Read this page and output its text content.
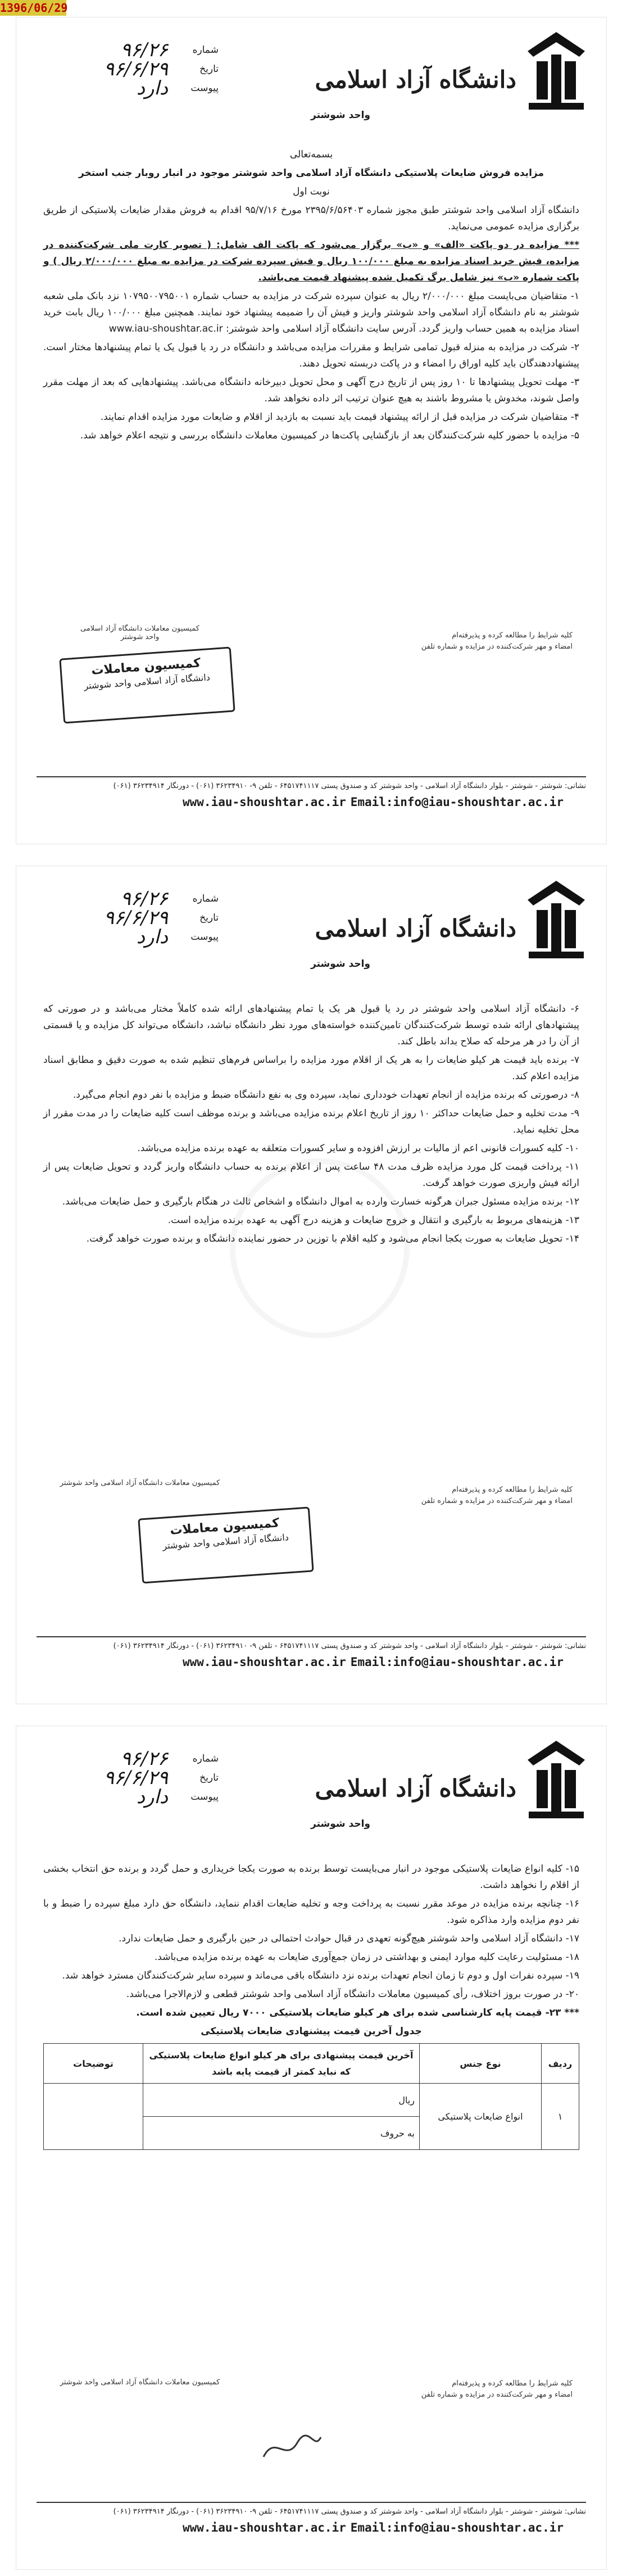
1396/06/29
دانشگاه آزاد اسلامی
واحد شوشتر
شماره
۹۶/۲۶
تاریخ
۹۶/۶/۲۹
پیوست
دارد

بسمه‌تعالی

مزایده فروش ضایعات پلاستیکی دانشگاه آزاد اسلامی واحد شوشتر موجود در انبار روبار جنب استخر

نوبت اول

دانشگاه آزاد اسلامی واحد شوشتر طبق مجوز شماره ۲۳۹۵/۶/۵۶۴۰۳ مورخ ۹۵/۷/۱۶ اقدام به فروش مقدار ضایعات پلاستیکی از طریق برگزاری مزایده عمومی می‌نماید.

*** مزایده در دو پاکت «الف» و «ب» برگزار می‌شود که پاکت الف شامل: ( تصویر کارت ملی شرکت‌کننده در مزایده، فیش خرید اسناد مزایده به مبلغ ۱۰۰/۰۰۰ ریال و فیش سپرده شرکت در مزایده به مبلغ ۲/۰۰۰/۰۰۰ ریال ) و پاکت شماره «ب» نیز شامل برگ تکمیل شده پیشنهاد قیمت می‌باشد.

۱- متقاضیان می‌بایست مبلغ ۲/۰۰۰/۰۰۰ ریال به عنوان سپرده شرکت در مزایده به حساب شماره ۱۰۷۹۵۰۰۷۹۵۰۰۱ نزد بانک ملی شعبه شوشتر به نام دانشگاه آزاد اسلامی واحد شوشتر واریز و فیش آن را ضمیمه پیشنهاد خود نمایند. همچنین مبلغ ۱۰۰/۰۰۰ ریال بابت خرید اسناد مزایده به همین حساب واریز گردد. آدرس سایت دانشگاه آزاد اسلامی واحد شوشتر: www.iau-shoushtar.ac.ir

۲- شرکت در مزایده به منزله قبول تمامی شرایط و مقررات مزایده می‌باشد و دانشگاه در رد یا قبول یک یا تمام پیشنهادها مختار است. پیشنهاد‌دهندگان باید کلیه اوراق را امضاء و در پاکت دربسته تحویل دهند.

۳- مهلت تحویل پیشنهادها تا ۱۰ روز پس از تاریخ درج آگهی و محل تحویل دبیرخانه دانشگاه می‌باشد. پیشنهادهایی که بعد از مهلت مقرر واصل شوند، مخدوش یا مشروط باشند به هیچ عنوان ترتیب اثر داده نخواهد شد.

۴- متقاضیان شرکت در مزایده قبل از ارائه پیشنهاد قیمت باید نسبت به بازدید از اقلام و ضایعات مورد مزایده اقدام نمایند.

۵- مزایده با حضور کلیه شرکت‌کنندگان بعد از بازگشایی پاکت‌ها در کمیسیون معاملات دانشگاه بررسی و نتیجه اعلام خواهد شد.

کمیسیون معاملات دانشگاه آزاد اسلامی
واحد شوشتر
کمیسیون معاملات
دانشگاه آزاد اسلامی واحد شوشتر
کلیه شرایط را مطالعه کرده و پذیرفته‌ام
امضاء و مهر شرکت‌کننده در مزایده و شماره تلفن
نشانی: شوشتر - شوشتر - بلوار دانشگاه آزاد اسلامی - واحد شوشتر کد و صندوق پستی ۶۴۵۱۷۴۱۱۱۷ - تلفن ۹- ۳۶۲۳۴۹۱۰ (۰۶۱) - دورنگار ۳۶۲۳۴۹۱۴ (۰۶۱)
Email:info@iau-shoushtar.ac.ir
www.iau-shoushtar.ac.ir
دانشگاه آزاد اسلامی
واحد شوشتر
شماره
۹۶/۲۶
تاریخ
۹۶/۶/۲۹
پیوست
دارد

۶- دانشگاه آزاد اسلامی واحد شوشتر در رد یا قبول هر یک یا تمام پیشنهادهای ارائه شده کاملاً مختار می‌باشد و در صورتی که پیشنهادهای ارائه شده توسط شرکت‌کنندگان تامین‌کننده خواسته‌های مورد نظر دانشگاه نباشد، دانشگاه می‌تواند کل مزایده و یا قسمتی از آن را در هر مرحله که صلاح بداند باطل کند.

۷- برنده باید قیمت هر کیلو ضایعات را به هر یک از اقلام مورد مزایده را براساس فرم‌های تنظیم شده به صورت دقیق و مطابق اسناد مزایده اعلام کند.

۸- درصورتی که برنده مزایده از انجام تعهدات خودداری نماید، سپرده وی به نفع دانشگاه ضبط و مزایده با نفر دوم انجام می‌گیرد.

۹- مدت تخلیه و حمل ضایعات حداکثر ۱۰ روز از تاریخ اعلام برنده مزایده می‌باشد و برنده موظف است کلیه ضایعات را در مدت مقرر از محل تخلیه نماید.

۱۰- کلیه کسورات قانونی اعم از مالیات بر ارزش افزوده و سایر کسورات متعلقه به عهده برنده مزایده می‌باشد.

۱۱- پرداخت قیمت کل مورد مزایده ظرف مدت ۴۸ ساعت پس از اعلام برنده به حساب دانشگاه واریز گردد و تحویل ضایعات پس از ارائه فیش واریزی صورت خواهد گرفت.

۱۲- برنده مزایده مسئول جبران هرگونه خسارت وارده به اموال دانشگاه و اشخاص ثالث در هنگام بارگیری و حمل ضایعات می‌باشد.

۱۳- هزینه‌های مربوط به بارگیری و انتقال و خروج ضایعات و هزینه درج آگهی به عهده برنده مزایده است.

۱۴- تحویل ضایعات به صورت یکجا انجام می‌شود و کلیه اقلام با توزین در حضور نماینده دانشگاه و برنده صورت خواهد گرفت.

کمیسیون معاملات دانشگاه آزاد اسلامی واحد شوشتر
کمیسیون معاملات
دانشگاه آزاد اسلامی واحد شوشتر
کلیه شرایط را مطالعه کرده و پذیرفته‌ام
امضاء و مهر شرکت‌کننده در مزایده و شماره تلفن
نشانی: شوشتر - شوشتر - بلوار دانشگاه آزاد اسلامی - واحد شوشتر کد و صندوق پستی ۶۴۵۱۷۴۱۱۱۷ - تلفن ۹- ۳۶۲۳۴۹۱۰ (۰۶۱) - دورنگار ۳۶۲۳۴۹۱۴ (۰۶۱)
Email:info@iau-shoushtar.ac.ir
www.iau-shoushtar.ac.ir
دانشگاه آزاد اسلامی
واحد شوشتر
شماره
۹۶/۲۶
تاریخ
۹۶/۶/۲۹
پیوست
دارد

۱۵- کلیه انواع ضایعات پلاستیکی موجود در انبار می‌بایست توسط برنده به صورت یکجا خریداری و حمل گردد و برنده حق انتخاب بخشی از اقلام را نخواهد داشت.

۱۶- چنانچه برنده مزایده در موعد مقرر نسبت به پرداخت وجه و تخلیه ضایعات اقدام ننماید، دانشگاه حق دارد مبلغ سپرده را ضبط و با نفر دوم مزایده وارد مذاکره شود.

۱۷- دانشگاه آزاد اسلامی واحد شوشتر هیچ‌گونه تعهدی در قبال حوادث احتمالی در حین بارگیری و حمل ضایعات ندارد.

۱۸- مسئولیت رعایت کلیه موارد ایمنی و بهداشتی در زمان جمع‌آوری ضایعات به عهده برنده مزایده می‌باشد.

۱۹- سپرده نفرات اول و دوم تا زمان انجام تعهدات برنده نزد دانشگاه باقی می‌ماند و سپرده سایر شرکت‌کنندگان مسترد خواهد شد.

۲۰- در صورت بروز اختلاف، رأی کمیسیون معاملات دانشگاه آزاد اسلامی واحد شوشتر قطعی و لازم‌الاجرا می‌باشد.

*** ۲۳- قیمت پایه کارشناسی شده برای هر کیلو ضایعات پلاستیکی ۷۰۰۰ ریال تعیین شده است.

جدول آخرین قیمت پیشنهادی ضایعات پلاستیکی

ردیف	نوع جنس	آخرین قیمت پیشنهادی برای هر کیلو انواع ضایعات پلاستیکی که نباید کمتر از قیمت پایه باشد	توضیحات
۱	انواع ضایعات پلاستیکی	ریال	
		به حروف	
کمیسیون معاملات دانشگاه آزاد اسلامی واحد شوشتر	کلیه شرایط را مطالعه کرده و پذیرفته‌ام
امضاء و مهر شرکت‌کننده در مزایده و شماره تلفن
نشانی: شوشتر - شوشتر - بلوار دانشگاه آزاد اسلامی - واحد شوشتر کد و صندوق پستی ۶۴۵۱۷۴۱۱۱۷ - تلفن ۹- ۳۶۲۳۴۹۱۰ (۰۶۱) - دورنگار ۳۶۲۳۴۹۱۴ (۰۶۱)
Email:info@iau-shoushtar.ac.ir
www.iau-shoushtar.ac.ir
